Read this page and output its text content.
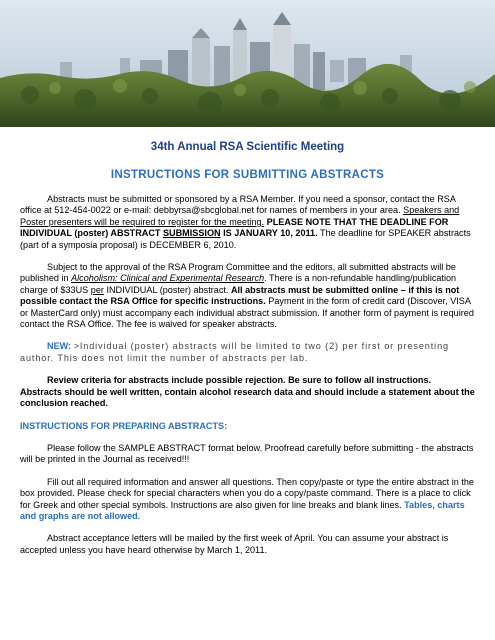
34th Annual RSA Scientific Meeting
INSTRUCTIONS FOR SUBMITTING ABSTRACTS

Abstracts must be submitted or sponsored by a RSA Member. If you need a sponsor, contact the RSA office at 512-454-0022 or e-mail: debbyrsa@sbcglobal.net for names of members in your area. Speakers and Poster presenters will be required to register for the meeting. PLEASE NOTE THAT THE DEADLINE FOR INDIVIDUAL (poster) ABSTRACT SUBMISSION IS JANUARY 10, 2011. The deadline for SPEAKER abstracts (part of a symposia proposal) is DECEMBER 6, 2010.

Subject to the approval of the RSA Program Committee and the editors, all submitted abstracts will be published in Alcoholism: Clinical and Experimental Research. There is a non-refundable handling/publication charge of $33US per INDIVIDUAL (poster) abstract. All abstracts must be submitted online – if this is not possible contact the RSA Office for specific instructions. Payment in the form of credit card (Discover, VISA or MasterCard only) must accompany each individual abstract submission. If another form of payment is required contact the RSA Office. The fee is waived for speaker abstracts.

NEW: >Individual (poster) abstracts will be limited to two (2) per first or presenting author. This does not limit the number of abstracts per lab.

Review criteria for abstracts include possible rejection. Be sure to follow all instructions. Abstracts should be well written, contain alcohol research data and should include a statement about the conclusion reached.

INSTRUCTIONS FOR PREPARING ABSTRACTS:

Please follow the SAMPLE ABSTRACT format below. Proofread carefully before submitting - the abstracts will be printed in the Journal as received!!!

Fill out all required information and answer all questions. Then copy/paste or type the entire abstract in the box provided. Please check for special characters when you do a copy/paste command. There is a place to click for Greek and other special symbols. Instructions are also given for line breaks and blank lines. Tables, charts and graphs are not allowed.

Abstract acceptance letters will be mailed by the first week of April. You can assume your abstract is accepted unless you have heard otherwise by March 1, 2011.
